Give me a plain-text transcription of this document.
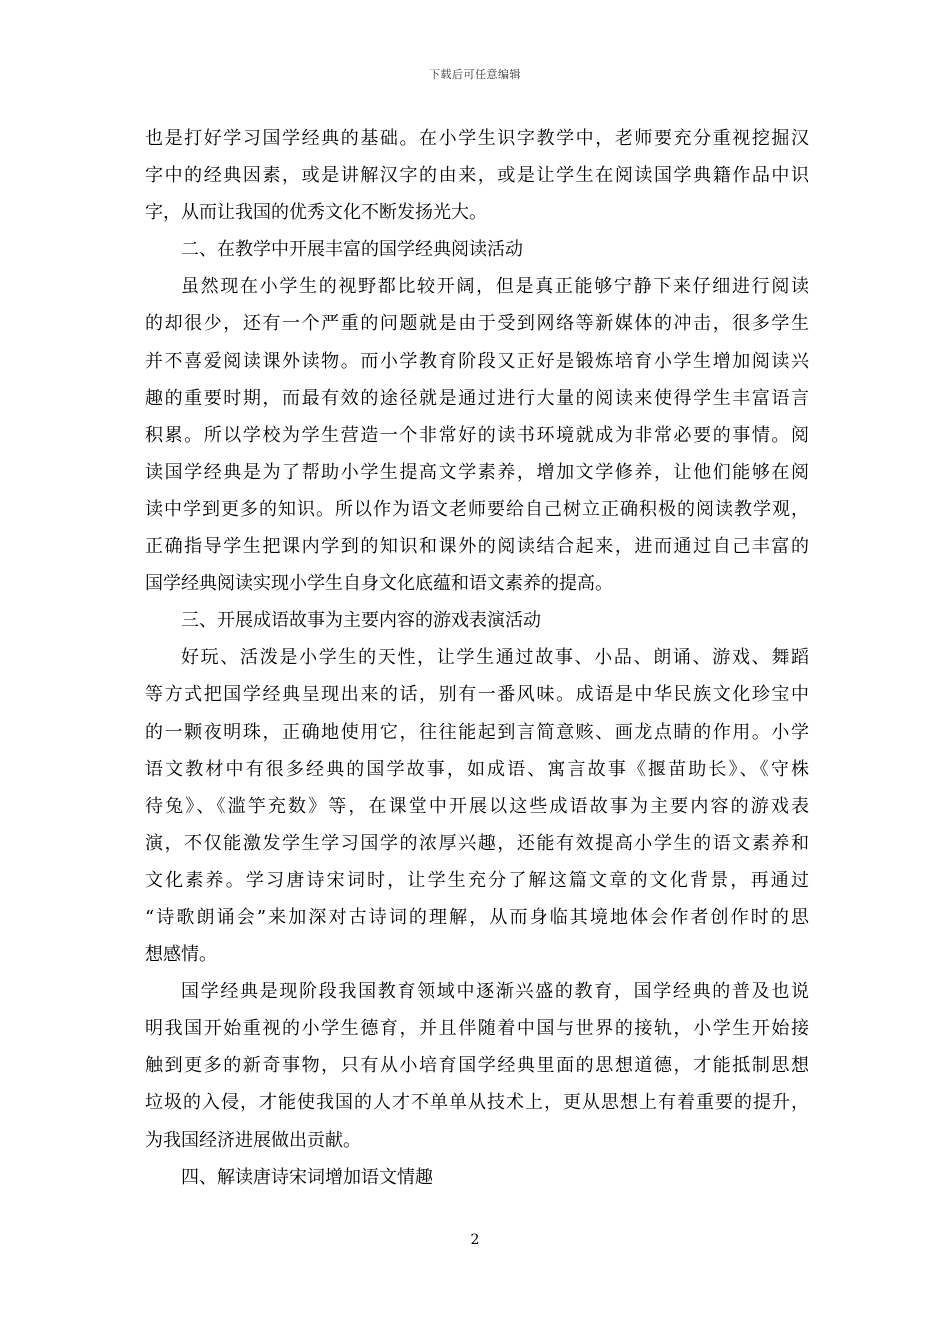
下载后可任意编辑
也是打好学习国学经典的基础。在小学生识字教学中，老师要充分重视挖掘汉
字中的经典因素，或是讲解汉字的由来，或是让学生在阅读国学典籍作品中识
字，从而让我国的优秀文化不断发扬光大。
二、在教学中开展丰富的国学经典阅读活动
虽然现在小学生的视野都比较开阔，但是真正能够宁静下来仔细进行阅读
的却很少，还有一个严重的问题就是由于受到网络等新媒体的冲击，很多学生
并不喜爱阅读课外读物。而小学教育阶段又正好是锻炼培育小学生增加阅读兴
趣的重要时期，而最有效的途径就是通过进行大量的阅读来使得学生丰富语言
积累。所以学校为学生营造一个非常好的读书环境就成为非常必要的事情。阅
读国学经典是为了帮助小学生提高文学素养，增加文学修养，让他们能够在阅
读中学到更多的知识。所以作为语文老师要给自己树立正确积极的阅读教学观，
正确指导学生把课内学到的知识和课外的阅读结合起来，进而通过自己丰富的
国学经典阅读实现小学生自身文化底蕴和语文素养的提高。
三、开展成语故事为主要内容的游戏表演活动
好玩、活泼是小学生的天性，让学生通过故事、小品、朗诵、游戏、舞蹈
等方式把国学经典呈现出来的话，别有一番风味。成语是中华民族文化珍宝中
的一颗夜明珠，正确地使用它，往往能起到言简意赅、画龙点睛的作用。小学
语文教材中有很多经典的国学故事，如成语、寓言故事《揠苗助长》、《守株
待兔》、《滥竽充数》等，在课堂中开展以这些成语故事为主要内容的游戏表
演，不仅能激发学生学习国学的浓厚兴趣，还能有效提高小学生的语文素养和
文化素养。学习唐诗宋词时，让学生充分了解这篇文章的文化背景，再通过
“诗歌朗诵会”来加深对古诗词的理解，从而身临其境地体会作者创作时的思
想感情。
国学经典是现阶段我国教育领域中逐渐兴盛的教育，国学经典的普及也说
明我国开始重视的小学生德育，并且伴随着中国与世界的接轨，小学生开始接
触到更多的新奇事物，只有从小培育国学经典里面的思想道德，才能抵制思想
垃圾的入侵，才能使我国的人才不单单从技术上，更从思想上有着重要的提升，
为我国经济进展做出贡献。
四、解读唐诗宋词增加语文情趣
2
